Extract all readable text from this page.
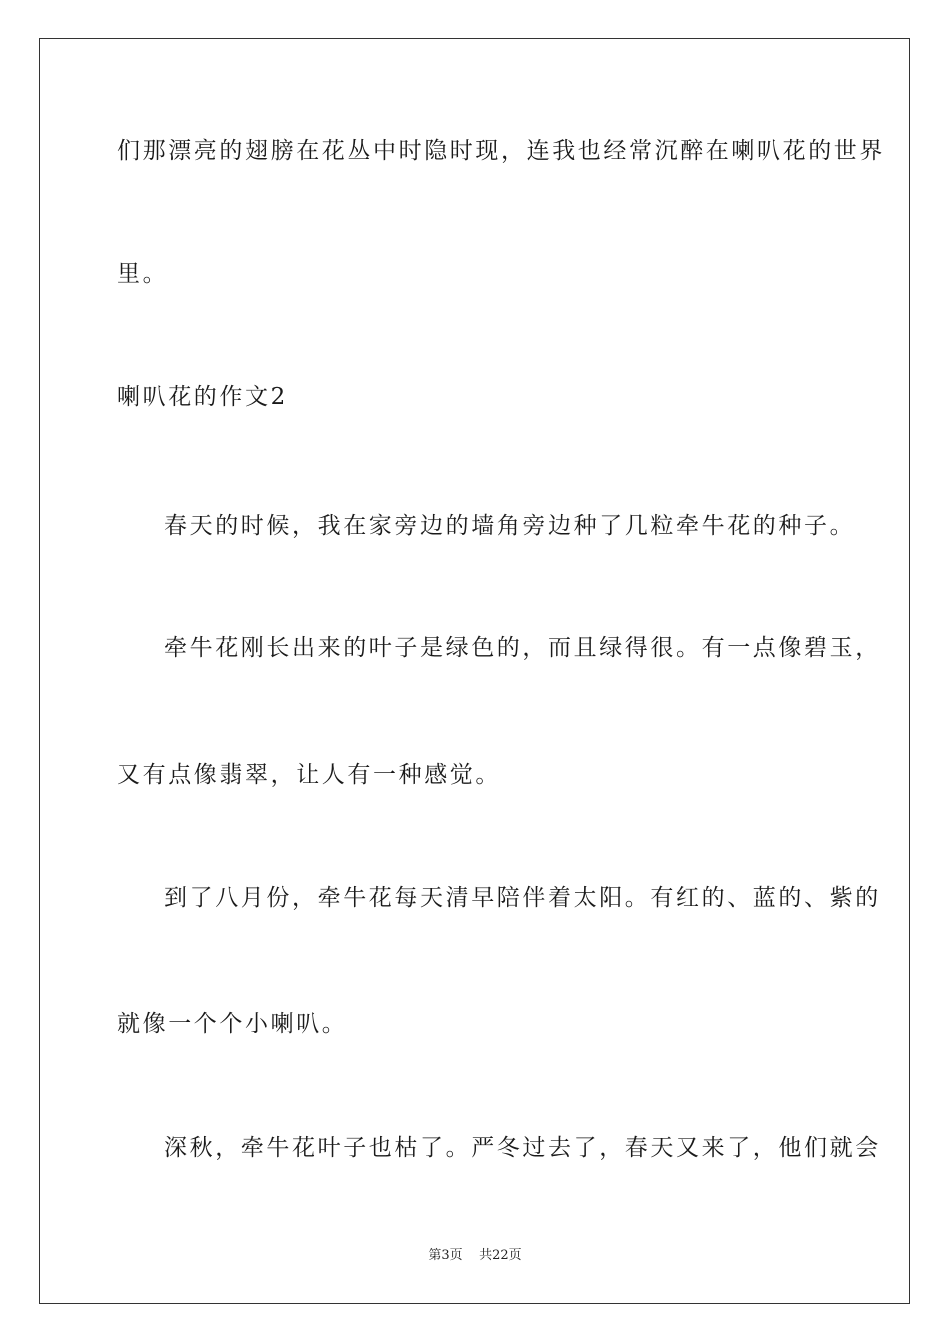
们那漂亮的翅膀在花丛中时隐时现，连我也经常沉醉在喇叭花的世界
里。
喇叭花的作文2
春天的时候，我在家旁边的墙角旁边种了几粒牵牛花的种子。
牵牛花刚长出来的叶子是绿色的，而且绿得很。有一点像碧玉，
又有点像翡翠，让人有一种感觉。
到了八月份，牵牛花每天清早陪伴着太阳。有红的、蓝的、紫的
就像一个个小喇叭。
深秋，牵牛花叶子也枯了。严冬过去了，春天又来了，他们就会
第3页 共22页
